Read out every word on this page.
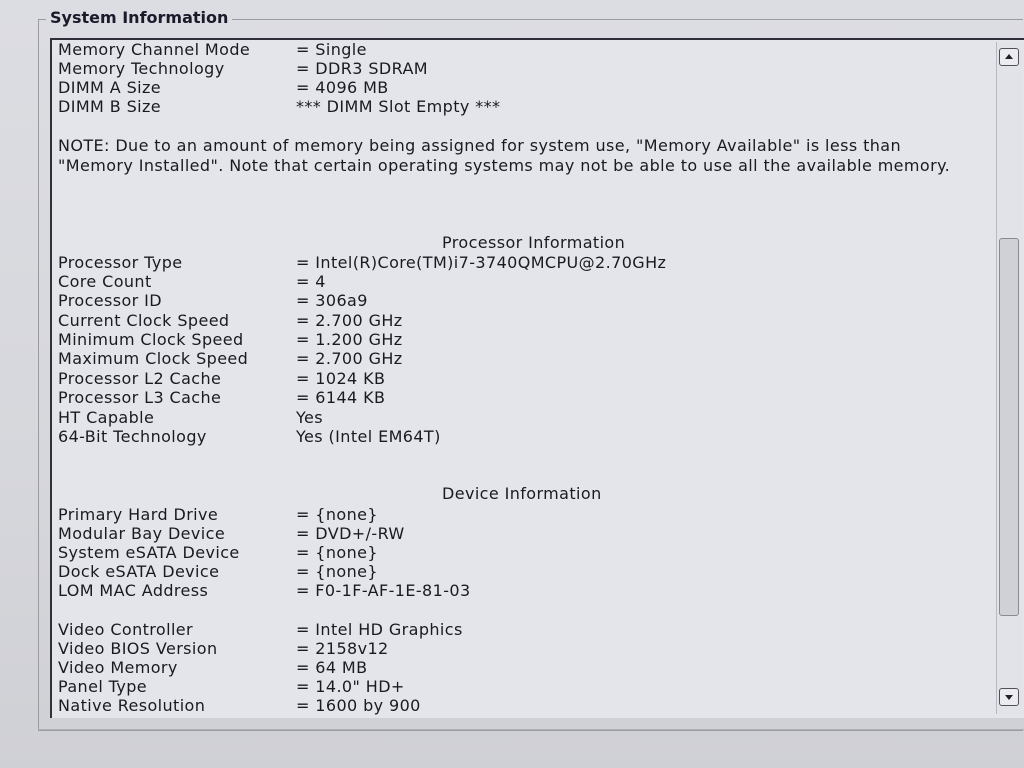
System Information
Memory Channel Mode	= Single
Memory Technology	= DDR3 SDRAM
DIMM A Size	= 4096 MB
DIMM B Size	*** DIMM Slot Empty ***
NOTE: Due to an amount of memory being assigned for system use, "Memory Available" is less than "Memory Installed". Note that certain operating systems may not be able to use all the available memory.
Processor Information
Processor Type	= Intel(R)Core(TM)i7-3740QMCPU@2.70GHz
Core Count	= 4
Processor ID	= 306a9
Current Clock Speed	= 2.700 GHz
Minimum Clock Speed	= 1.200 GHz
Maximum Clock Speed	= 2.700 GHz
Processor L2 Cache	= 1024 KB
Processor L3 Cache	= 6144 KB
HT Capable	Yes
64-Bit Technology	Yes (Intel EM64T)
Device Information
Primary Hard Drive	= {none}
Modular Bay Device	= DVD+/-RW
System eSATA Device	= {none}
Dock eSATA Device	= {none}
LOM MAC Address	= F0-1F-AF-1E-81-03
Video Controller	= Intel HD Graphics
Video BIOS Version	= 2158v12
Video Memory	= 64 MB
Panel Type	= 14.0" HD+
Native Resolution	= 1600 by 900
